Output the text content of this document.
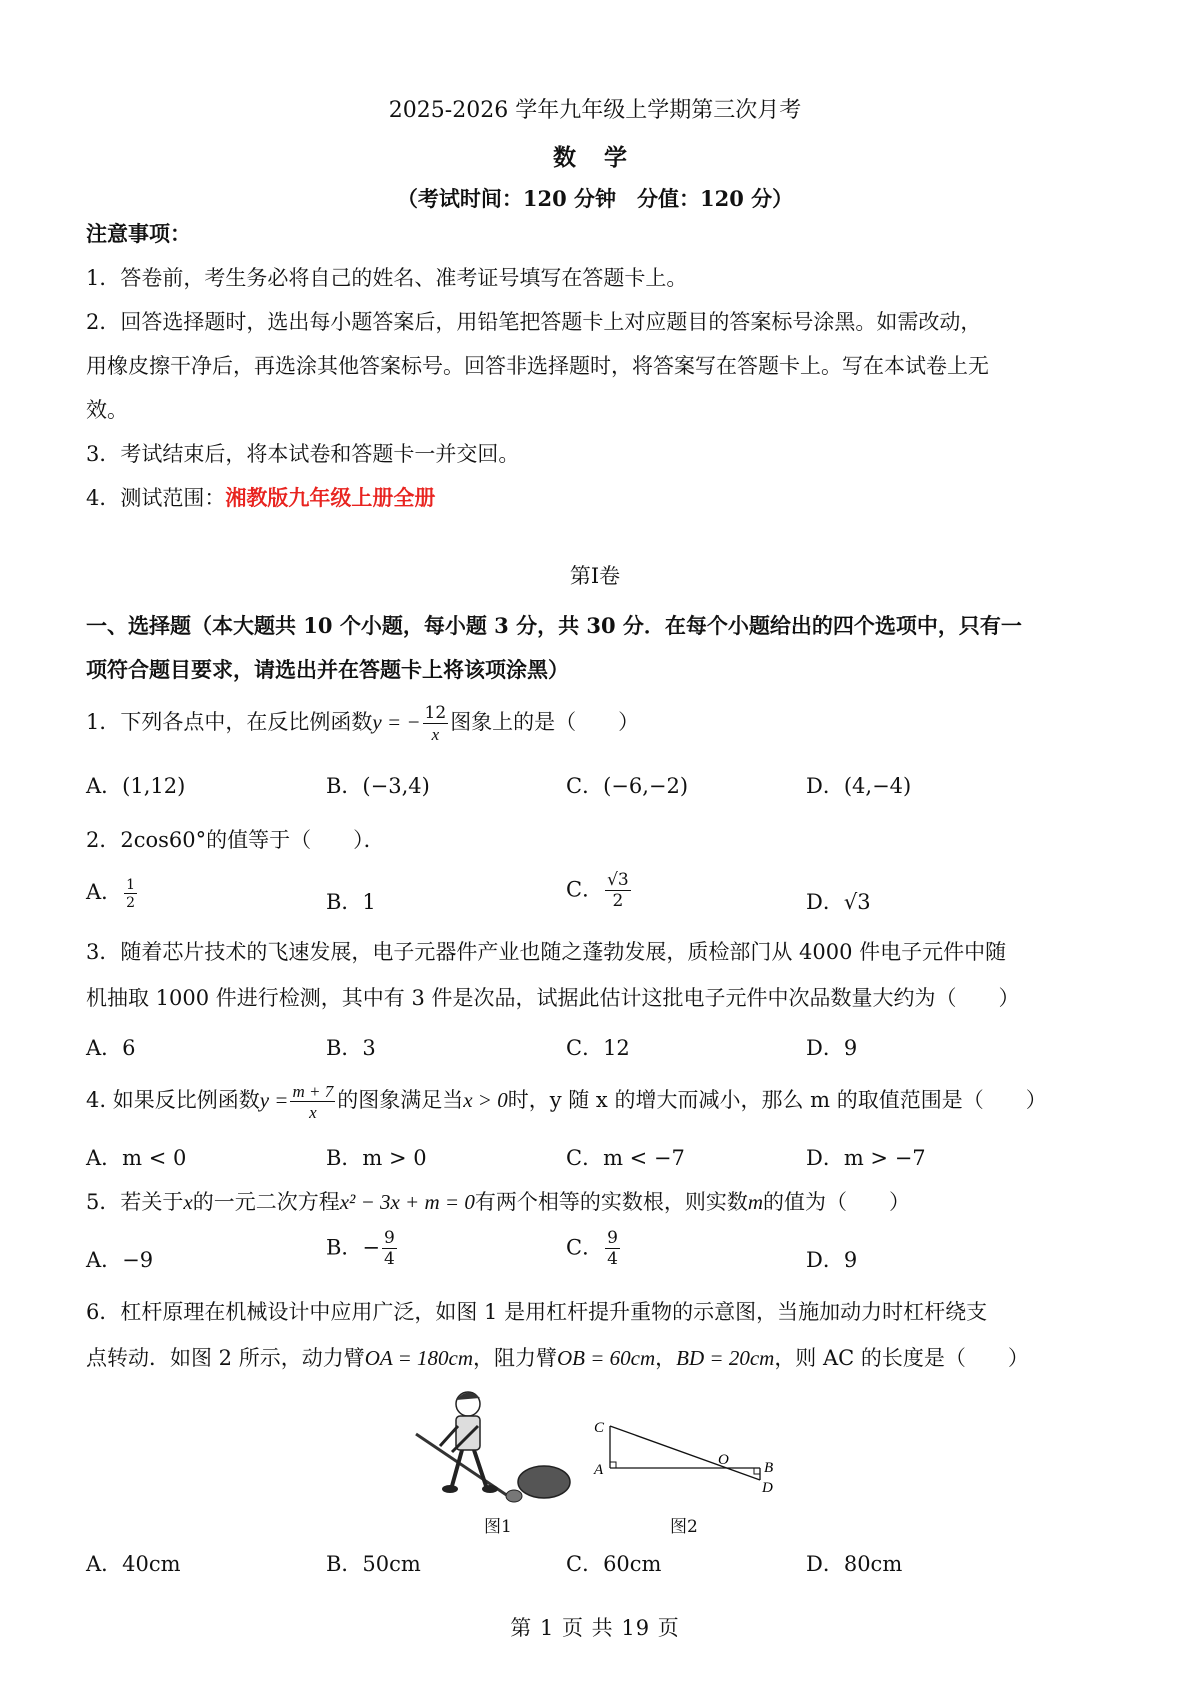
2025-2026 学年九年级上学期第三次月考
数 学
（考试时间：120 分钟　分值：120 分）
注意事项：
1．答卷前，考生务必将自己的姓名、准考证号填写在答题卡上。
2．回答选择题时，选出每小题答案后，用铅笔把答题卡上对应题目的答案标号涂黑。如需改动，
用橡皮擦干净后，再选涂其他答案标号。回答非选择题时，将答案写在答题卡上。写在本试卷上无
效。
3．考试结束后，将本试卷和答题卡一并交回。
4．测试范围：湘教版九年级上册全册
第Ⅰ卷
一、选择题（本大题共 10 个小题，每小题 3 分，共 30 分．在每个小题给出的四个选项中，只有一
项符合题目要求，请选出并在答题卡上将该项涂黑）
1．下列各点中，在反比例函数y = − $\frac{12}{x}$ 图象上的是（　　）
A．(1,12)	B．(−3,4)	C．(−6,−2)	D．(4,−4)
2．2cos60°的值等于（　　）．
A． $\frac{1}{2}$	B．1
C． $\frac{√3}{2}$	D．√3
3．随着芯片技术的飞速发展，电子元器件产业也随之蓬勃发展，质检部门从 4000 件电子元件中随
机抽取 1000 件进行检测，其中有 3 件是次品，试据此估计这批电子元件中次品数量大约为（　　）
A．6	B．3	C．12	D．9
4. 如果反比例函数$y = \frac{m + 7}{x}$ 的图象满足当x > 0时，y 随 x 的增大而减小，那么 m 的取值范围是（　　）
A．m < 0	B．m > 0	C．m < −7	D．m > −7
5．若关于x的一元二次方程x² − 3x + m = 0有两个相等的实数根，则实数m的值为（　　）
A．−9
B．− $\frac{9}{4}$	C． $\frac{9}{4}$	D．9
6．杠杆原理在机械设计中应用广泛，如图 1 是用杠杆提升重物的示意图，当施加动力时杠杆绕支
点转动．如图 2 所示，动力臂OA = 180cm，阻力臂OB = 60cm，BD = 20cm，则 AC 的长度是（　　）
图1
C
A
O B
D
图2
A．40cm	B．50cm	C．60cm	D．80cm
第 1 页 共 19 页
